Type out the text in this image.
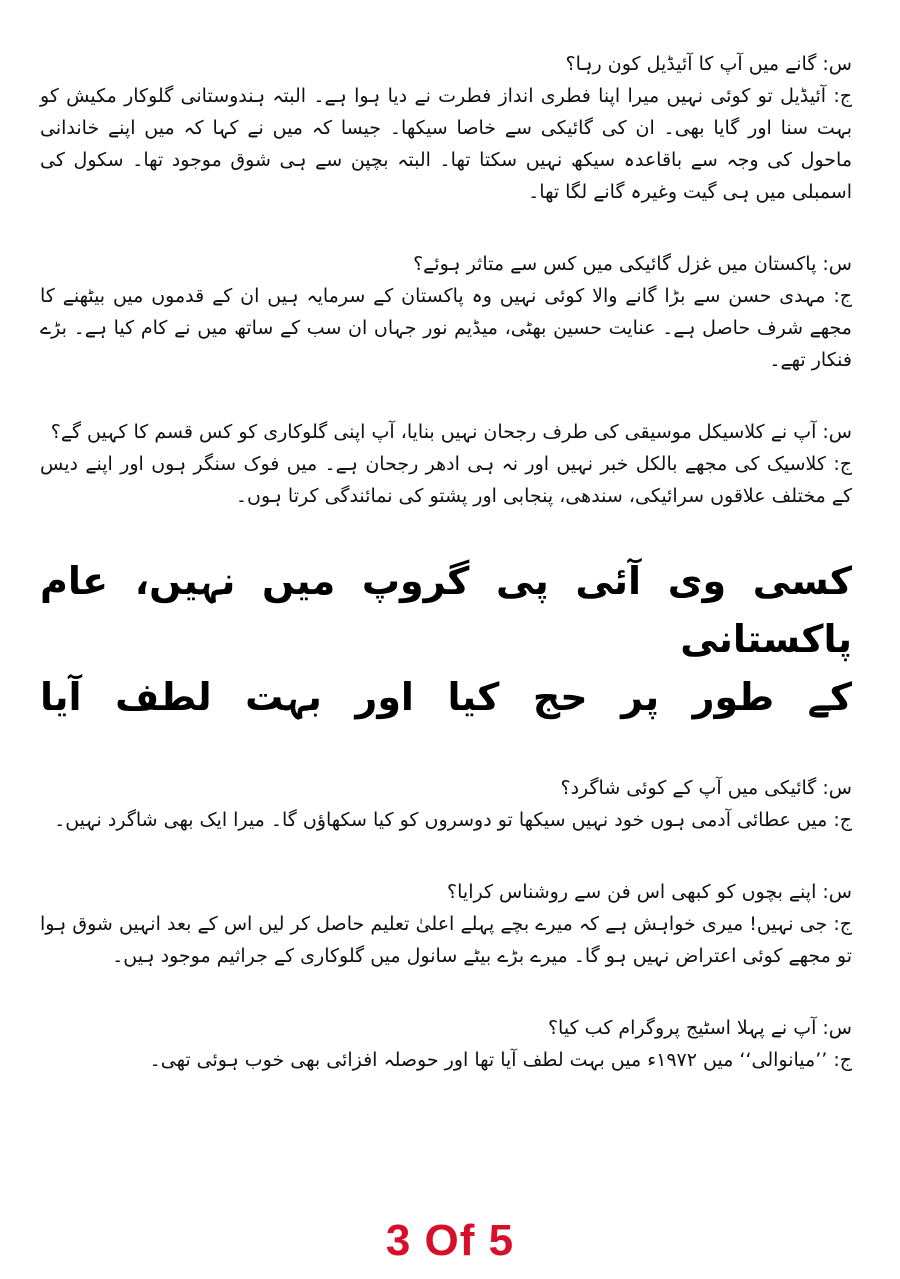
س: گانے میں آپ کا آئیڈیل کون رہا؟

ج: آئیڈیل تو کوئی نہیں میرا اپنا فطری انداز فطرت نے دیا ہوا ہے۔ البتہ ہندوستانی گلوکار مکیش کو بہت سنا اور گایا بھی۔ ان کی گائیکی سے خاصا سیکھا۔ جیسا کہ میں نے کہا کہ میں اپنے خاندانی ماحول کی وجہ سے باقاعدہ سیکھ نہیں سکتا تھا۔ البتہ بچپن سے ہی شوق موجود تھا۔ سکول کی اسمبلی میں ہی گیت وغیرہ گانے لگا تھا۔

س: پاکستان میں غزل گائیکی میں کس سے متاثر ہوئے؟

ج: مہدی حسن سے بڑا گانے والا کوئی نہیں وہ پاکستان کے سرمایہ ہیں ان کے قدموں میں بیٹھنے کا مجھے شرف حاصل ہے۔ عنایت حسین بھٹی، میڈیم نور جہاں ان سب کے ساتھ میں نے کام کیا ہے۔ بڑے فنکار تھے۔

س: آپ نے کلاسیکل موسیقی کی طرف رجحان نہیں بنایا، آپ اپنی گلوکاری کو کس قسم کا کہیں گے؟

ج: کلاسیک کی مجھے بالکل خبر نہیں اور نہ ہی ادھر رجحان ہے۔ میں فوک سنگر ہوں اور اپنے دیس کے مختلف علاقوں سرائیکی، سندھی، پنجابی اور پشتو کی نمائندگی کرتا ہوں۔

کسی وی آئی پی گروپ میں نہیں، عام پاکستانی

کے طور پر حج کیا اور بہت لطف آیا

س: گائیکی میں آپ کے کوئی شاگرد؟

ج: میں عطائی آدمی ہوں خود نہیں سیکھا تو دوسروں کو کیا سکھاؤں گا۔ میرا ایک بھی شاگرد نہیں۔

س: اپنے بچوں کو کبھی اس فن سے روشناس کرایا؟

ج: جی نہیں! میری خواہش ہے کہ میرے بچے پہلے اعلیٰ تعلیم حاصل کر لیں اس کے بعد انہیں شوق ہوا تو مجھے کوئی اعتراض نہیں ہو گا۔ میرے بڑے بیٹے سانول میں گلوکاری کے جراثیم موجود ہیں۔

س: آپ نے پہلا اسٹیج پروگرام کب کیا؟

ج: ’’میانوالی‘‘ میں ۱۹۷۲ء میں بہت لطف آیا تھا اور حوصلہ افزائی بھی خوب ہوئی تھی۔

3 Of 5
